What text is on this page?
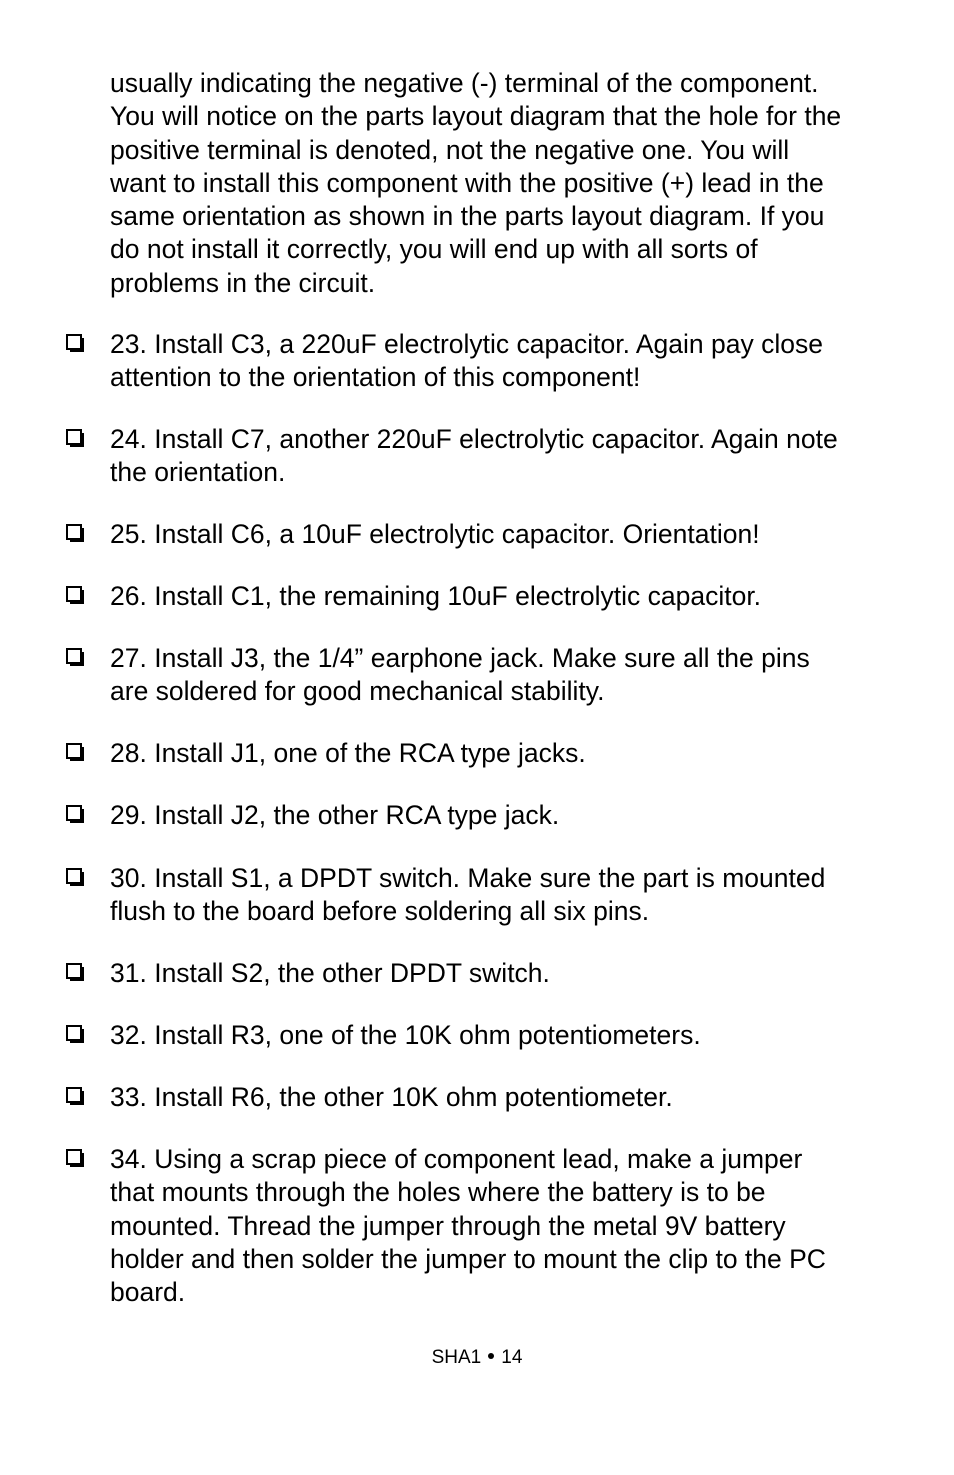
usually indicating the negative (-) terminal of the component.
You will notice on the parts layout diagram that the hole for the
positive terminal is denoted, not the negative one. You will
want to install this component with the positive (+) lead in the
same orientation as shown in the parts layout diagram. If you
do not install it correctly, you will end up with all sorts of
problems in the circuit.

23. Install C3, a 220uF electrolytic capacitor. Again pay close
attention to the orientation of this component!

24. Install C7, another 220uF electrolytic capacitor. Again note
the orientation.

25. Install C6, a 10uF electrolytic capacitor. Orientation!

26. Install C1, the remaining 10uF electrolytic capacitor.

27. Install J3, the 1/4” earphone jack. Make sure all the pins
are soldered for good mechanical stability.

28. Install J1, one of the RCA type jacks.

29. Install J2, the other RCA type jack.

30. Install S1, a DPDT switch. Make sure the part is mounted
flush to the board before soldering all six pins.

31. Install S2, the other DPDT switch.

32. Install R3, one of the 10K ohm potentiometers.

33. Install R6, the other 10K ohm potentiometer.

34. Using a scrap piece of component lead, make a jumper
that mounts through the holes where the battery is to be
mounted. Thread the jumper through the metal 9V battery
holder and then solder the jumper to mount the clip to the PC
board.

SHA1 14
